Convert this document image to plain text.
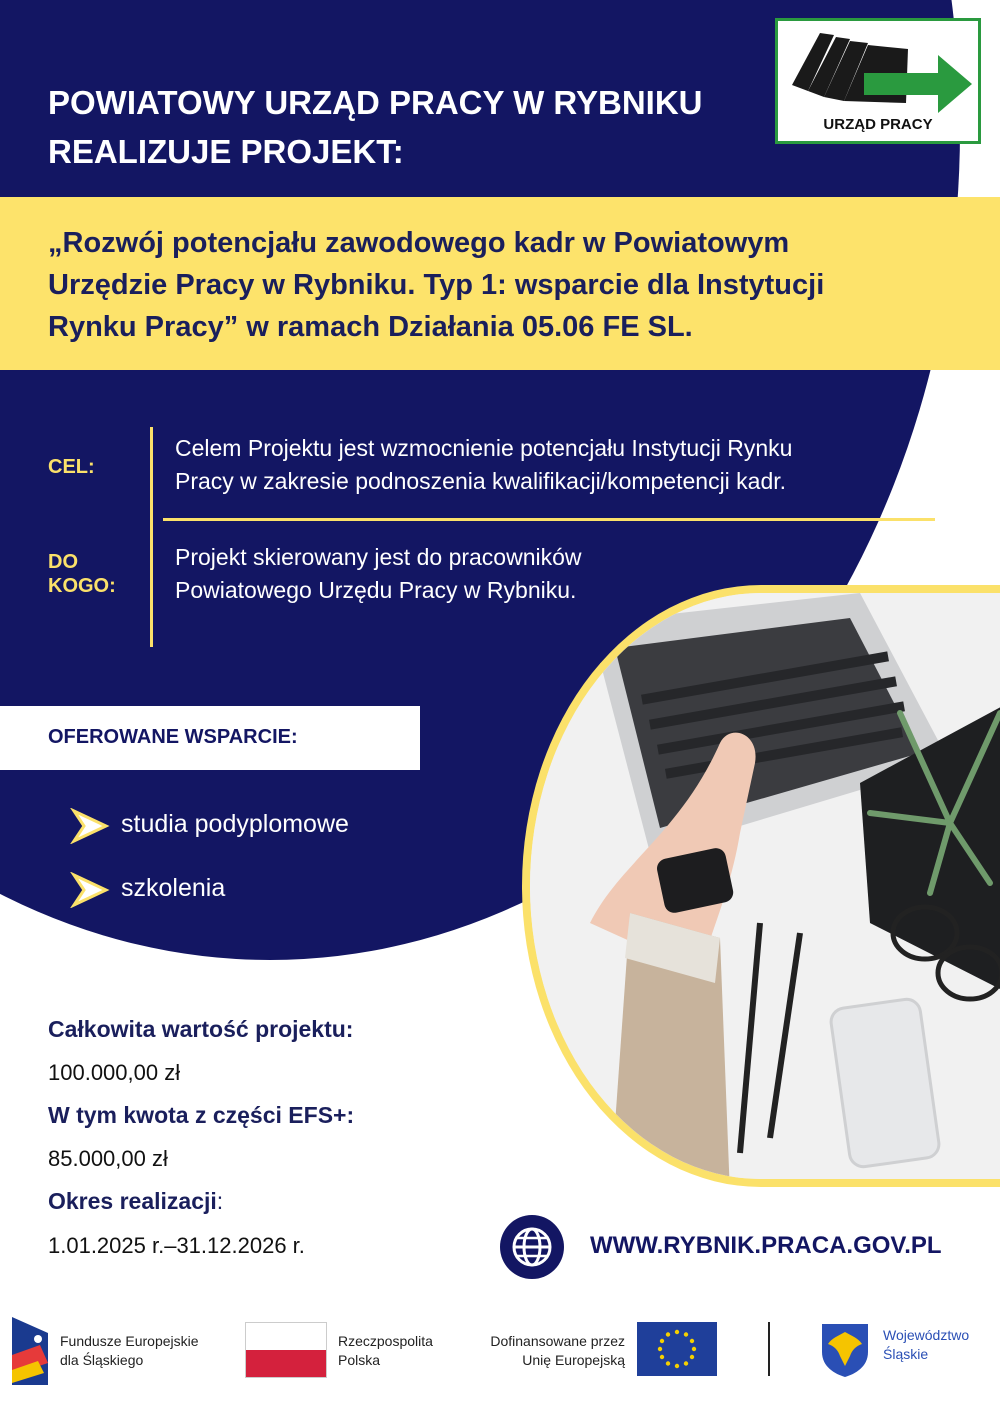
POWIATOWY URZĄD PRACY W RYBNIKU
REALIZUJE PROJEKT:
URZĄD PRACY
„Rozwój potencjału zawodowego kadr w Powiatowym
Urzędzie Pracy w Rybniku. Typ 1: wsparcie dla Instytucji
Rynku Pracy” w ramach Działania 05.06 FE SL.
CEL:
Celem Projektu jest wzmocnienie potencjału Instytucji Rynku
Pracy w zakresie podnoszenia kwalifikacji/kompetencji kadr.
DO
KOGO:
Projekt skierowany jest do pracowników
Powiatowego Urzędu Pracy w Rybniku.
OFEROWANE WSPARCIE:
studia podyplomowe
szkolenia
Całkowita wartość projektu:
100.000,00 zł
W tym kwota z części EFS+:
85.000,00 zł
Okres realizacji:
1.01.2025 r.–31.12.2026 r.	WWW.RYBNIK.PRACA.GOV.PL
Fundusze Europejskie
dla Śląskiego
Rzeczpospolita
Polska
Dofinansowane przez
Unię Europejską
Województwo
Śląskie
